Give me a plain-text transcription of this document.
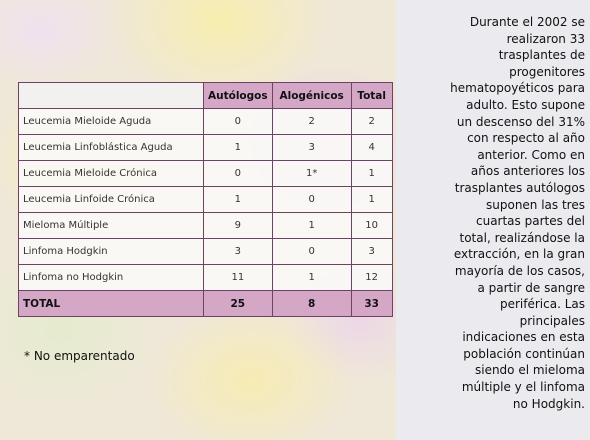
	Autólogos	Alogénicos	Total
Leucemia Mieloide Aguda	0	2	2
Leucemia Linfoblástica Aguda	1	3	4
Leucemia Mieloide Crónica	0	1*	1
Leucemia Linfoide Crónica	1	0	1
Mieloma Múltiple	9	1	10
Linfoma Hodgkin	3	0	3
Linfoma no Hodgkin	11	1	12
TOTAL	25	8	33
* No emparentado

Durante el 2002 se
realizaron 33
trasplantes de
progenitores
hematopoyéticos para
adulto. Esto supone
un descenso del 31%
con respecto al año
anterior. Como en
años anteriores los
trasplantes autólogos
suponen las tres
cuartas partes del
total, realizándose la
extracción, en la gran
mayoría de los casos,
a partir de sangre
periférica. Las
principales
indicaciones en esta
población continúan
siendo el mieloma
múltiple y el linfoma
no Hodgkin.
